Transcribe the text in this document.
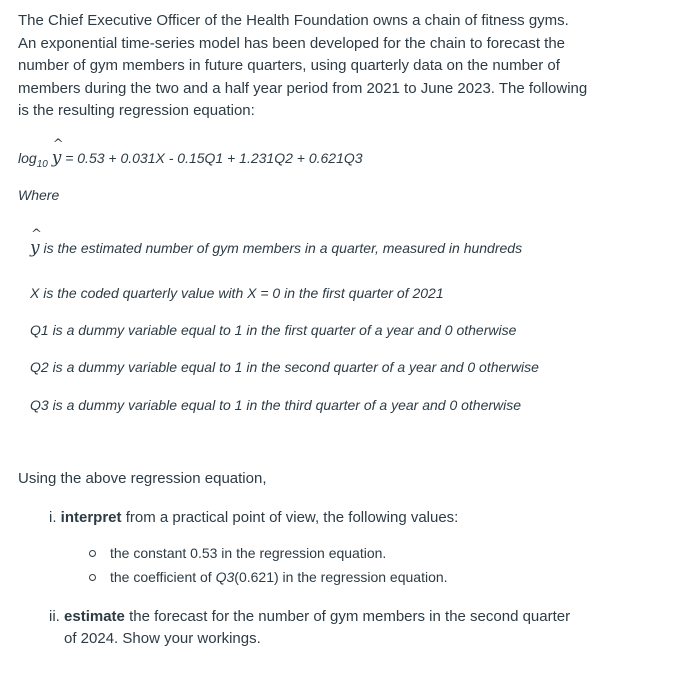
The Chief Executive Officer of the Health Foundation owns a chain of fitness gyms. An exponential time-series model has been developed for the chain to forecast the number of gym members in future quarters, using quarterly data on the number of members during the two and a half year period from 2021 to June 2023. The following is the resulting regression equation:
$\log_{10}$
^
y = 0.53 + 0.031X - 0.15Q1 + 1.231Q2 + 0.621Q3
Where
^
y is the estimated number of gym members in a quarter, measured in hundreds
X is the coded quarterly value with X = 0 in the first quarter of 2021
Q1 is a dummy variable equal to 1 in the first quarter of a year and 0 otherwise
Q2 is a dummy variable equal to 1 in the second quarter of a year and 0 otherwise
Q3 is a dummy variable equal to 1 in the third quarter of a year and 0 otherwise
Using the above regression equation,
i. interpret from a practical point of view, the following values:
the constant 0.53 in the regression equation.
the coefficient of Q3(0.621) in the regression equation.
ii. estimate the forecast for the number of gym members in the second quarter
of 2024. Show your workings.
